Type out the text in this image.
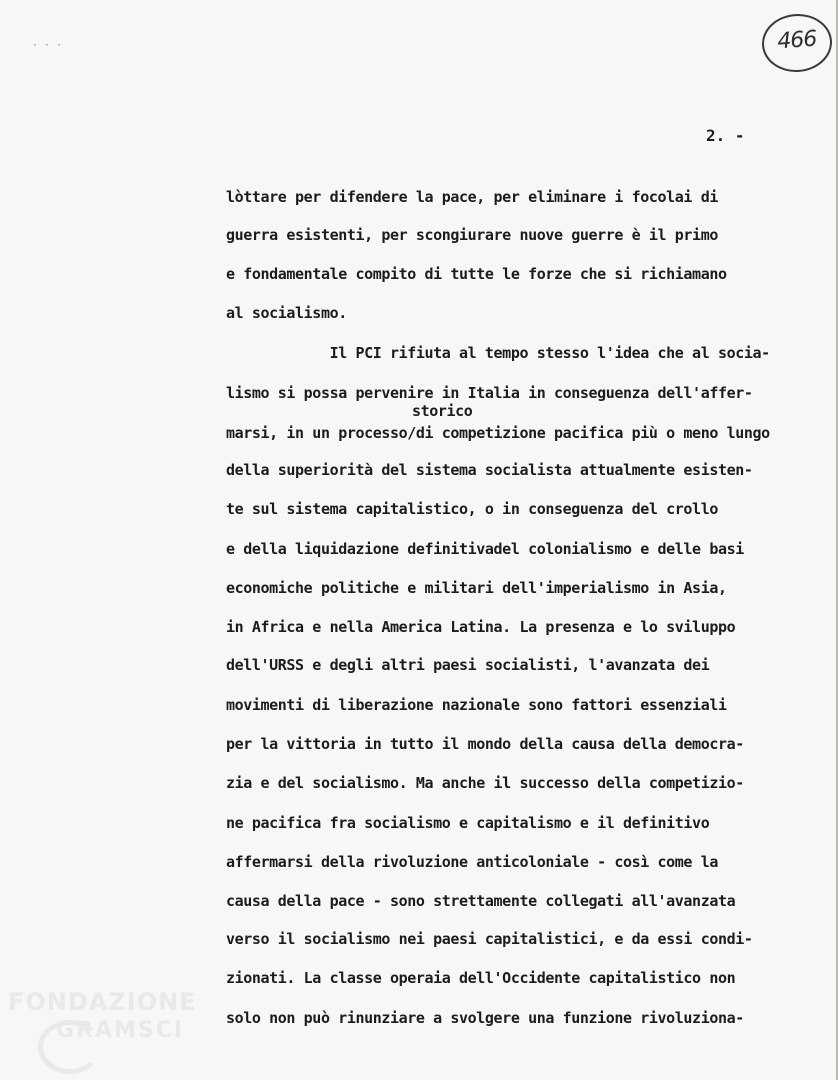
· · ·	466
2. -
storico

lòttare per difendere la pace, per eliminare i focolai di

guerra esistenti, per scongiurare nuove guerre è il primo

e fondamentale compito di tutte le forze che si richiamano

al socialismo.

Il PCI rifiuta al tempo stesso l'idea che al socia-

lismo si possa pervenire in Italia in conseguenza dell'affer-

marsi, in un processo/di competizione pacifica più o meno lungo

della superiorità del sistema socialista attualmente esisten-

te sul sistema capitalistico, o in conseguenza del crollo

e della liquidazione definitivadel colonialismo e delle basi

economiche politiche e militari dell'imperialismo in Asia,

in Africa e nella America Latina. La presenza e lo sviluppo

dell'URSS e degli altri paesi socialisti, l'avanzata dei

movimenti di liberazione nazionale sono fattori essenziali

per la vittoria in tutto il mondo della causa della democra-

zia e del socialismo. Ma anche il successo della competizio-

ne pacifica fra socialismo e capitalismo e il definitivo

affermarsi della rivoluzione anticoloniale - così come la

causa della pace - sono strettamente collegati all'avanzata

verso il socialismo nei paesi capitalistici, e da essi condi-

zionati. La classe operaia dell'Occidente capitalistico non

solo non può rinunziare a svolgere una funzione rivoluziona-

FONDAZIONE
GRAMSCI
